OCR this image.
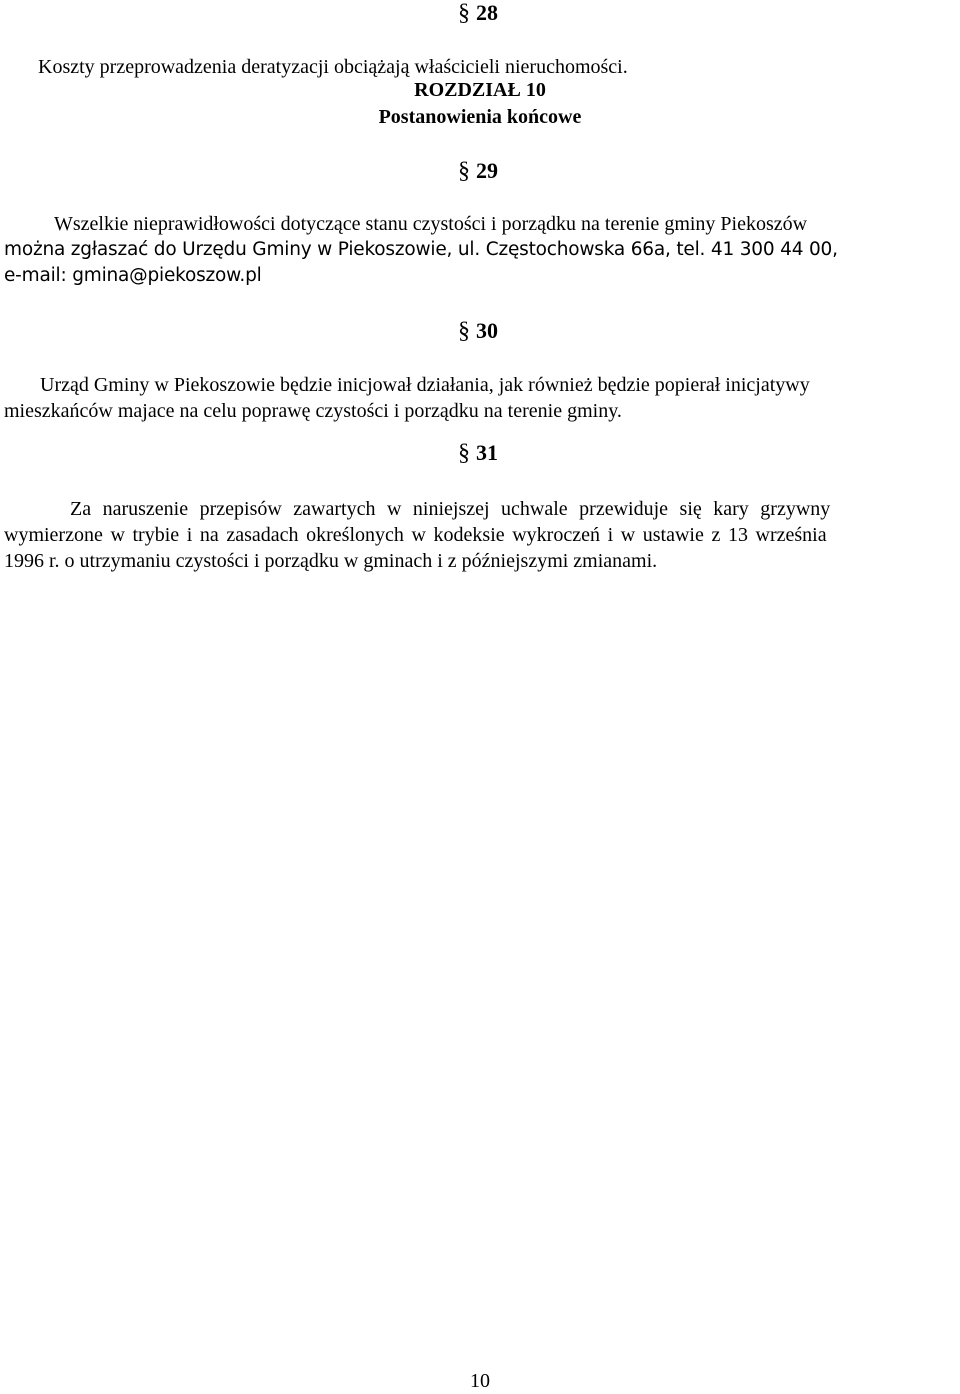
§ 28

Koszty przeprowadzenia deratyzacji obciążają właścicieli nieruchomości.

ROZDZIAŁ 10
Postanowienia końcowe
§ 29
Wszelkie nieprawidłowości dotyczące stanu czystości i porządku na terenie gminy Piekoszów
można zgłaszać do Urzędu Gminy w Piekoszowie, ul. Częstochowska 66a, tel. 41 300 44 00,
e-mail: gmina@piekoszow.pl
§ 30
Urząd Gminy w Piekoszowie będzie inicjował działania, jak również będzie popierał inicjatywy
mieszkańców majace na celu poprawę czystości i porządku na terenie gminy.
§ 31
Za naruszenie przepisów zawartych w niniejszej uchwale przewiduje się kary grzywny
wymierzone w trybie i na zasadach określonych w kodeksie wykroczeń i w ustawie z 13 września
1996 r. o utrzymaniu czystości i porządku w gminach i z późniejszymi zmianami.
10
